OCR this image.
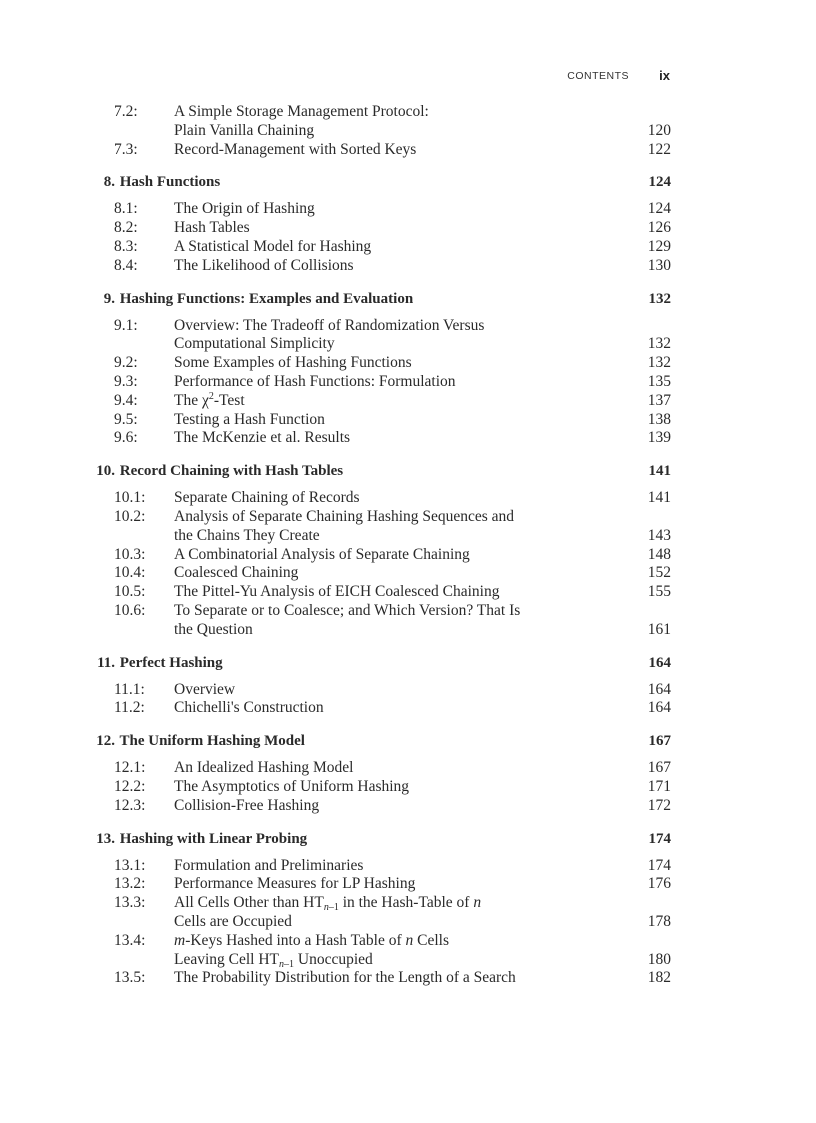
CONTENTS ix
7.2:	A Simple Storage Management Protocol:
Plain Vanilla Chaining	120
7.3:	Record-Management with Sorted Keys	122
8. Hash Functions	124
8.1:	The Origin of Hashing	124
8.2:	Hash Tables	126
8.3:	A Statistical Model for Hashing	129
8.4:	The Likelihood of Collisions	130
9. Hashing Functions: Examples and Evaluation	132
9.1:	Overview: The Tradeoff of Randomization Versus
Computational Simplicity	132
9.2:	Some Examples of Hashing Functions	132
9.3:	Performance of Hash Functions: Formulation	135
9.4:	The $\chi^2$-Test	137
9.5:	Testing a Hash Function	138
9.6:	The McKenzie et al. Results	139
10. Record Chaining with Hash Tables	141
10.1:	Separate Chaining of Records	141
10.2:	Analysis of Separate Chaining Hashing Sequences and
the Chains They Create	143
10.3:	A Combinatorial Analysis of Separate Chaining	148
10.4:	Coalesced Chaining	152
10.5:	The Pittel-Yu Analysis of EICH Coalesced Chaining	155
10.6:	To Separate or to Coalesce; and Which Version? That Is
the Question	161
11. Perfect Hashing	164
11.1:	Overview	164
11.2:	Chichelli's Construction	164
12. The Uniform Hashing Model	167
12.1:	An Idealized Hashing Model	167
12.2:	The Asymptotics of Uniform Hashing	171
12.3:	Collision-Free Hashing	172
13. Hashing with Linear Probing	174
13.1:	Formulation and Preliminaries	174
13.2:	Performance Measures for LP Hashing	176
13.3:	All Cells Other than $HT_{n-1}$ in the Hash-Table of n
Cells are Occupied	178
13.4:	m-Keys Hashed into a Hash Table of n Cells
Leaving Cell $HT_{n-1}$ Unoccupied	180
13.5:	The Probability Distribution for the Length of a Search	182
